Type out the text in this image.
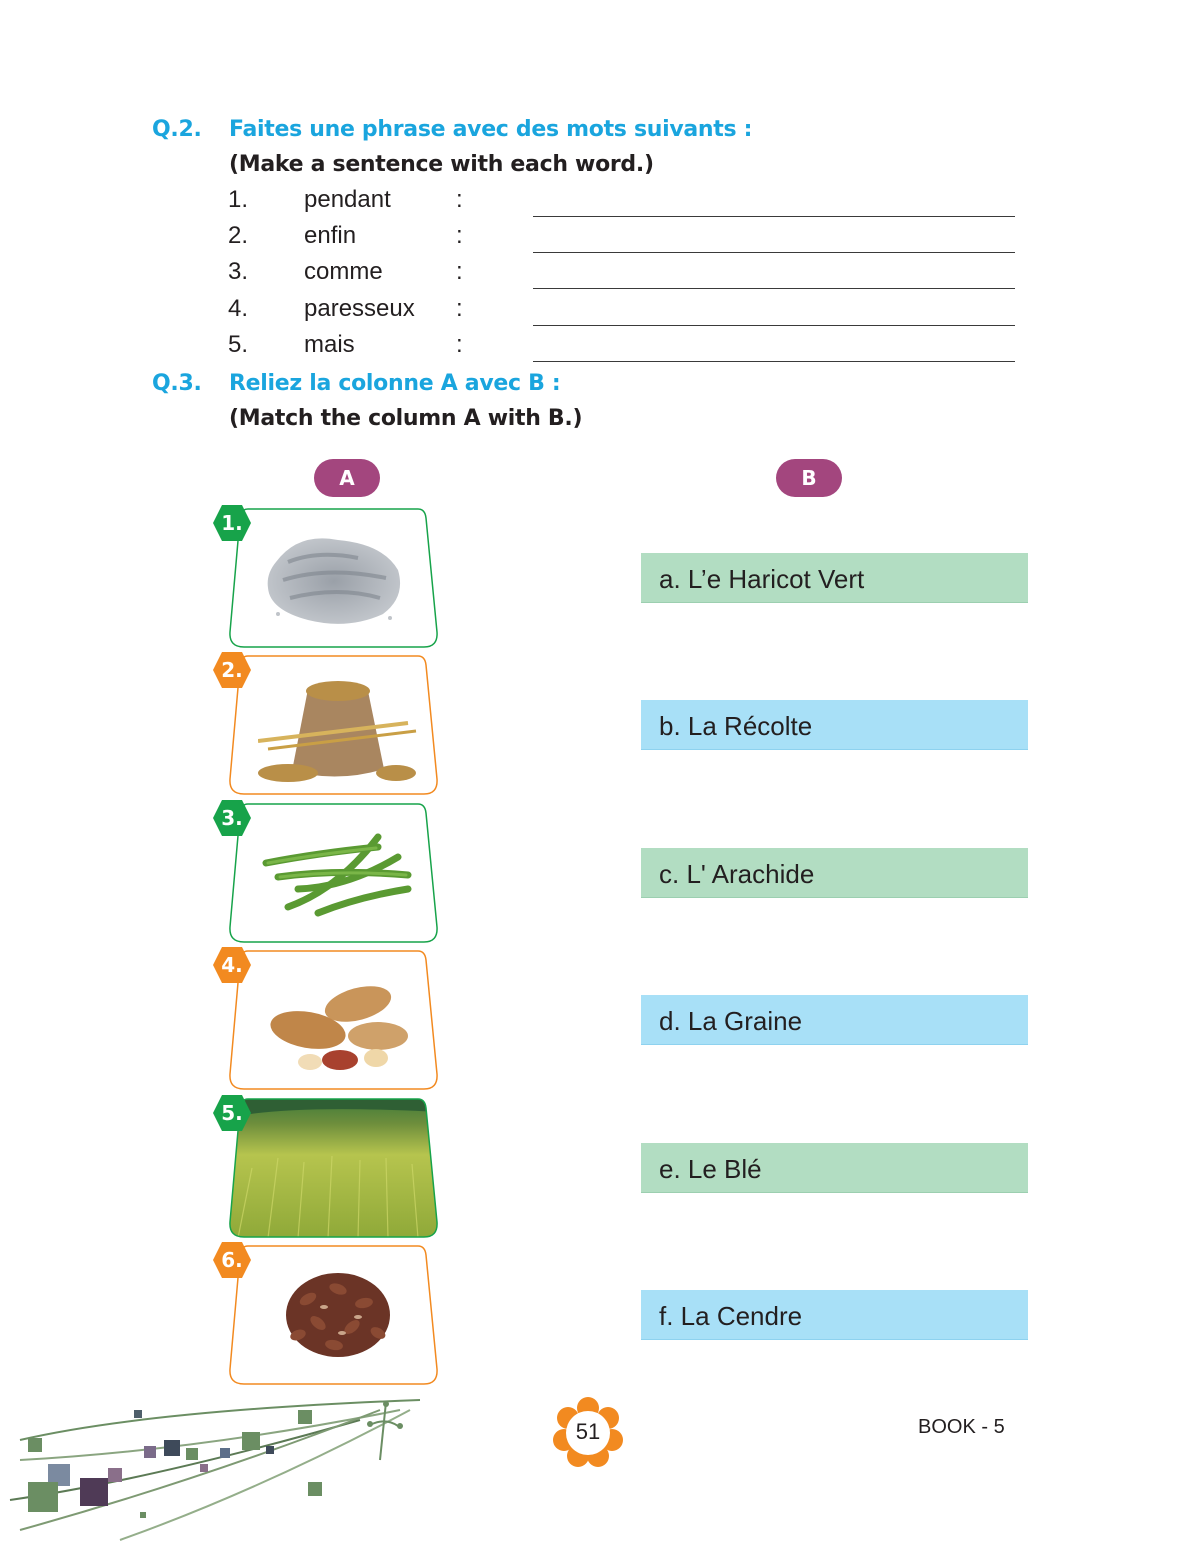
Q.2. Faites une phrase avec des mots suivants :
(Make a sentence with each word.)
1. pendant	:
2. enfin	:
3. comme	:
4. paresseux :
5. mais	:
Q.3. Reliez la colonne A avec B :
(Match the column A with B.)
A	B
1.
2.
3.
4.
5.
6.
a. L’e Haricot Vert
b. La Récolte
c. L' Arachide
d. La Graine
e. Le Blé
f. La Cendre
51	BOOK - 5
